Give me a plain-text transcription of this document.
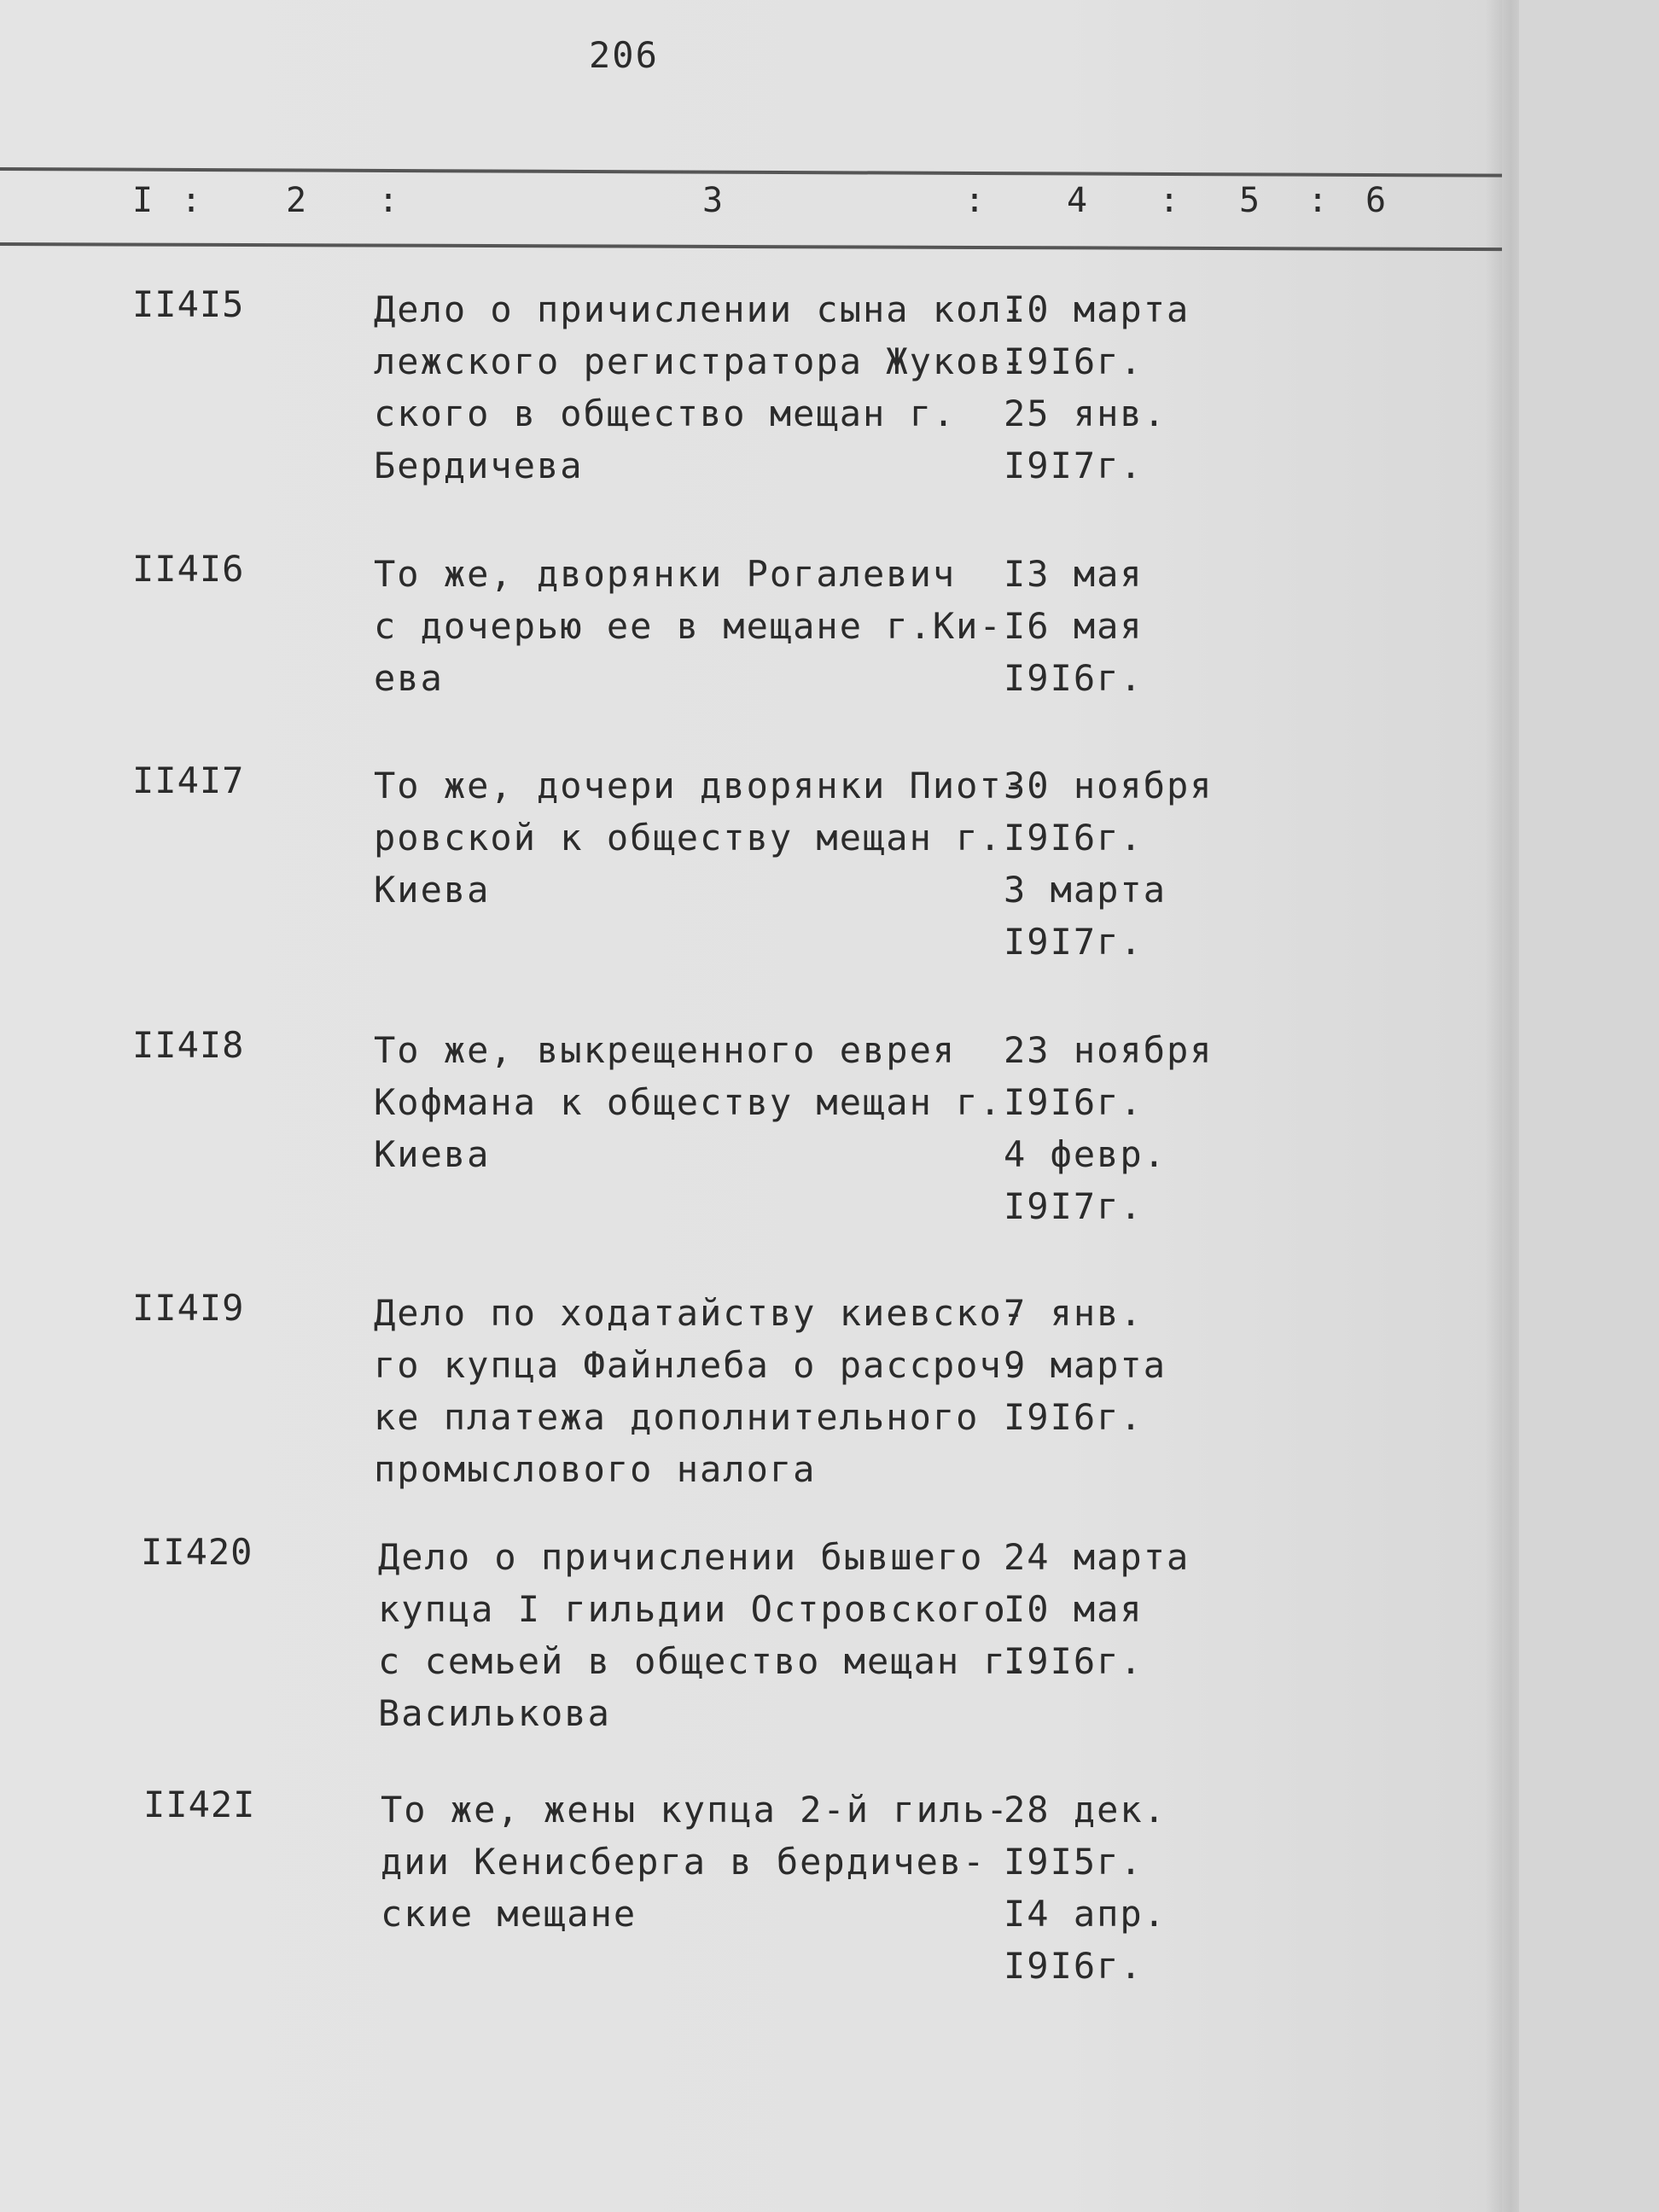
206
I : 2 :	3	: 4 : 5 : 6
II4I5	Дело о причислении сына кол-
лежского регистратора Жуков-
ского в общество мещан г.
Бердичева
I0 марта
I9I6г.
25 янв.
I9I7г.
II4I6	То же, дворянки Рогалевич
с дочерью ее в мещане г.Ки-
ева
I3 мая
I6 мая
I9I6г.
II4I7	То же, дочери дворянки Пиот-
ровской к обществу мещан г.
Киева
30 ноября
I9I6г.
3 марта
I9I7г.
II4I8	То же, выкрещенного еврея
Кофмана к обществу мещан г.
Киева
23 ноября
I9I6г.
4 февр.
I9I7г.
II4I9	Дело по ходатайству киевско-
го купца Файнлеба о рассроч-
ке платежа дополнительного
промыслового налога
7 янв.
9 марта
I9I6г.
II420	Дело о причислении бывшего
купца I гильдии Островского
с семьей в общество мещан г.
Василькова
24 марта
I0 мая
I9I6г.
II42I	То же, жены купца 2-й гиль-
дии Кенисберга в бердичев-
ские мещане
28 дек.
I9I5г.
I4 апр.
I9I6г.
